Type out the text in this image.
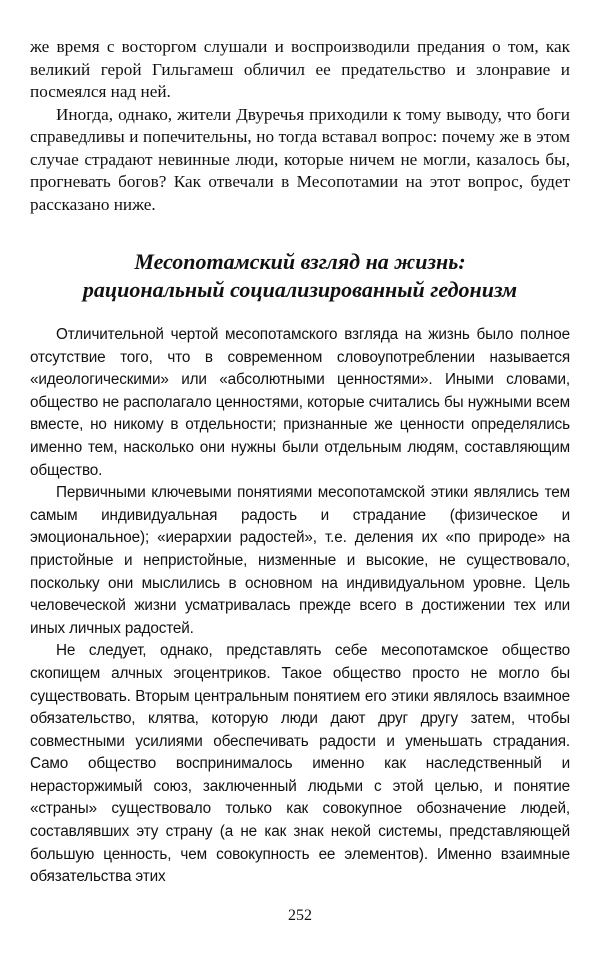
же время с восторгом слушали и воспроизводили предания о том, как великий герой Гильгамеш обличил ее предательство и злонравие и посмеялся над ней.

Иногда, однако, жители Двуречья приходили к тому выводу, что боги справедливы и попечительны, но тогда вставал вопрос: почему же в этом случае страдают невинные люди, которые ничем не могли, казалось бы, прогневать богов? Как отвечали в Месопотамии на этот вопрос, будет рассказано ниже.

Месопотамский взгляд на жизнь:
рациональный социализированный гедонизм

Отличительной чертой месопотамского взгляда на жизнь было полное отсутствие того, что в современном словоупотреблении называется «идеологическими» или «абсолютными ценностями». Иными словами, общество не располагало ценностями, которые считались бы нужными всем вместе, но никому в отдельности; признанные же ценности определялись именно тем, насколько они нужны были отдельным людям, составляющим общество.

Первичными ключевыми понятиями месопотамской этики являлись тем самым индивидуальная радость и страдание (физическое и эмоциональное); «иерархии радостей», т.е. деления их «по природе» на пристойные и непристойные, низменные и высокие, не существовало, поскольку они мыслились в основном на индивидуальном уровне. Цель человеческой жизни усматривалась прежде всего в достижении тех или иных личных радостей.

Не следует, однако, представлять себе месопотамское общество скопищем алчных эгоцентриков. Такое общество просто не могло бы существовать. Вторым центральным понятием его этики являлось взаимное обязательство, клятва, которую люди дают друг другу затем, чтобы совместными усилиями обеспечивать радости и уменьшать страдания. Само общество воспринималось именно как наследственный и нерасторжимый союз, заключенный людьми с этой целью, и понятие «страны» существовало только как совокупное обозначение людей, составлявших эту страну (а не как знак некой системы, представляющей большую ценность, чем совокупность ее элементов). Именно взаимные обязательства этих

252
